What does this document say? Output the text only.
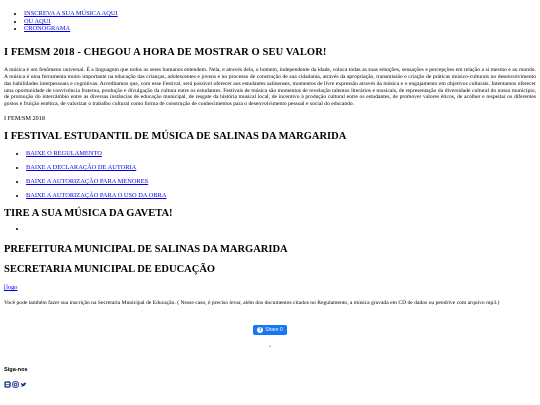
• INSCREVA A SUA MÚSICA AQUI
• OU AQUI
• CRONOGRAMA
I FEMSM 2018 - CHEGOU A HORA DE MOSTRAR O SEU VALOR!

A música é um fenômeno universal. É a linguagem que todos os seres humanos entendem. Nela, e através dela, o homem, independente da idade, coloca todas as suas emoções, sensações e percepções em relação a si mesmo e ao mundo. A música é uma ferramenta muito importante na educação das crianças, adolescentes e jovens e no processo de construção de sua cidadania, através da apropriação, transmissão e criação de práticas músico-culturais no desenvolvimento das habilidades interpessoais e cognitivas. Acreditamos que, com esse Festival, será possível oferecer aos estudantes salinenses, momentos de livre expressão através da música e o engajamento em objetivos culturais. Intentamos oferecer uma oportunidade de convivência fraterna, produção e divulgação da cultura entre os estudantes. Festivais de música são momentos de revelação talentos literários e musicais, de representação da diversidade cultural do nosso município, de promoção do intercâmbio entre as diversas instâncias de educação municipal, de resgate da história musical local, de incentivo à produção cultural entre os estudantes, de promover valores éticos, de acolher e respeitar os diferentes gostos e fruição estética, de valorizar o trabalho cultural como forma de construção de conhecimentos para o desenvolvimento pessoal e social do educando.

I FEM/SM 2018

I FESTIVAL ESTUDANTIL DE MÚSICA DE SALINAS DA MARGARIDA
• BAIXE O REGULAMENTO
• BAIXE A DECLARAÇÃO DE AUTORIA
• BAIXE A AUTORIZAÇÃO PARA MENORES
• BAIXE A AUTORIZAÇÃO PARA O USO DA OBRA
TIRE A SUA MÚSICA DA GAVETA!
•
PREFEITURA MUNICIPAL DE SALINAS DA MARGARIDA
SECRETARIA MUNICIPAL DE EDUCAÇÃO
[logo

Você pode também fazer sua inscrição na Secretaria Municipal de Educação. ( Nesse caso, é preciso levar, além dos documentos citados no Regulamento, a música gravada em CD de dados ou pendrive com arquivo mp3.)

f Share 0
•
Siga-nos
